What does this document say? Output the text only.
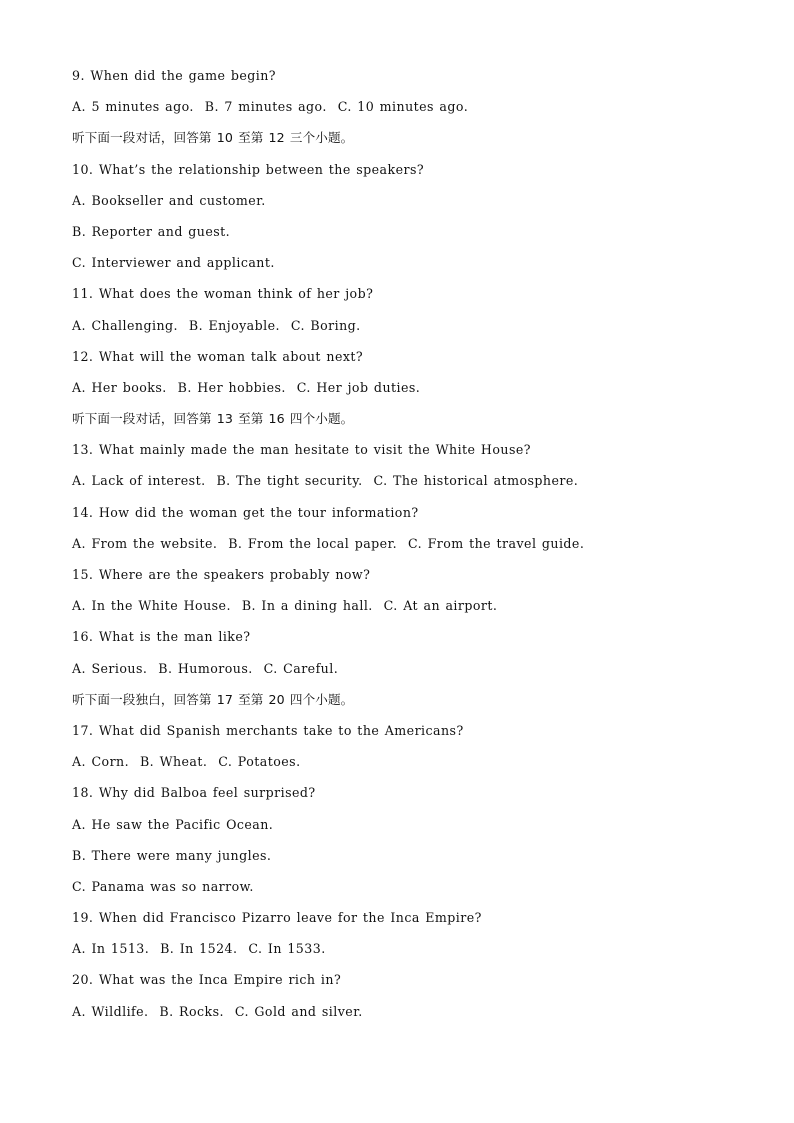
9. When did the game begin?
A. 5 minutes ago.  B. 7 minutes ago.  C. 10 minutes ago.
听下面一段对话，回答第 10 至第 12 三个小题。
10. What’s the relationship between the speakers?
A. Bookseller and customer.
B. Reporter and guest.
C. Interviewer and applicant.
11. What does the woman think of her job?
A. Challenging.  B. Enjoyable.  C. Boring.
12. What will the woman talk about next?
A. Her books.  B. Her hobbies.  C. Her job duties.
听下面一段对话，回答第 13 至第 16 四个小题。
13. What mainly made the man hesitate to visit the White House?
A. Lack of interest.  B. The tight security.  C. The historical atmosphere.
14. How did the woman get the tour information?
A. From the website.  B. From the local paper.  C. From the travel guide.
15. Where are the speakers probably now?
A. In the White House.  B. In a dining hall.  C. At an airport.
16. What is the man like?
A. Serious.  B. Humorous.  C. Careful.
听下面一段独白，回答第 17 至第 20 四个小题。
17. What did Spanish merchants take to the Americans?
A. Corn.  B. Wheat.  C. Potatoes.
18. Why did Balboa feel surprised?
A. He saw the Pacific Ocean.
B. There were many jungles.
C. Panama was so narrow.
19. When did Francisco Pizarro leave for the Inca Empire?
A. In 1513.  B. In 1524.  C. In 1533.
20. What was the Inca Empire rich in?
A. Wildlife.  B. Rocks.  C. Gold and silver.
